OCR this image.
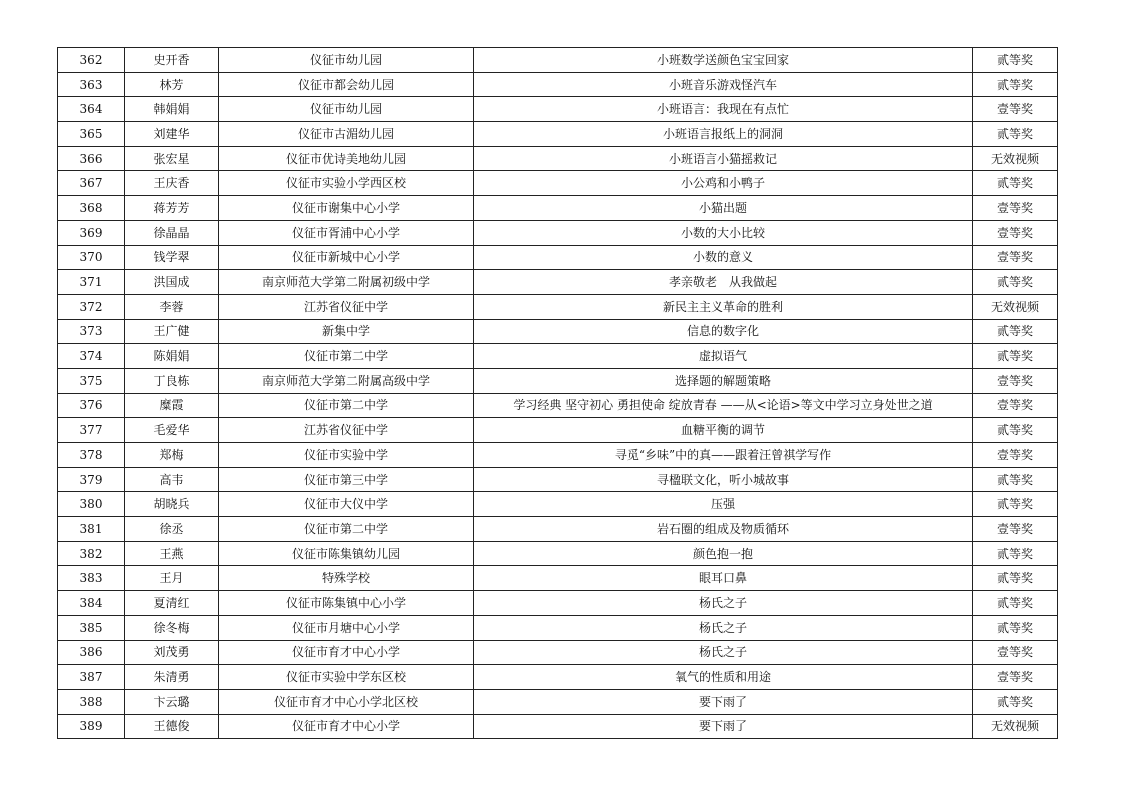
362	史开香	仪征市幼儿园	小班数学送颜色宝宝回家	贰等奖
363	林芳	仪征市都会幼儿园	小班音乐游戏怪汽车	贰等奖
364	韩娟娟	仪征市幼儿园	小班语言：我现在有点忙	壹等奖
365	刘建华	仪征市古湄幼儿园	小班语言报纸上的洞洞	贰等奖
366	张宏星	仪征市优诗美地幼儿园	小班语言小猫摇救记	无效视频
367	王庆香	仪征市实验小学西区校	小公鸡和小鸭子	贰等奖
368	蒋芳芳	仪征市谢集中心小学	小猫出题	壹等奖
369	徐晶晶	仪征市胥浦中心小学	小数的大小比较	壹等奖
370	钱学翠	仪征市新城中心小学	小数的意义	壹等奖
371	洪国成	南京师范大学第二附属初级中学	孝亲敬老　从我做起	贰等奖
372	李蓉	江苏省仪征中学	新民主主义革命的胜利	无效视频
373	王广健	新集中学	信息的数字化	贰等奖
374	陈娟娟	仪征市第二中学	虚拟语气	贰等奖
375	丁良栋	南京师范大学第二附属高级中学	选择题的解题策略	壹等奖
376	糜霞	仪征市第二中学	学习经典 坚守初心 勇担使命 绽放青春 ——从<论语>等文中学习立身处世之道	壹等奖
377	毛爱华	江苏省仪征中学	血糖平衡的调节	贰等奖
378	郑梅	仪征市实验中学	寻觅“乡味”中的真——跟着汪曾祺学写作	壹等奖
379	高韦	仪征市第三中学	寻楹联文化，听小城故事	贰等奖
380	胡晓兵	仪征市大仪中学	压强	贰等奖
381	徐丞	仪征市第二中学	岩石圈的组成及物质循环	壹等奖
382	王燕	仪征市陈集镇幼儿园	颜色抱一抱	贰等奖
383	王月	特殊学校	眼耳口鼻	贰等奖
384	夏清红	仪征市陈集镇中心小学	杨氏之子	贰等奖
385	徐冬梅	仪征市月塘中心小学	杨氏之子	贰等奖
386	刘茂勇	仪征市育才中心小学	杨氏之子	壹等奖
387	朱清勇	仪征市实验中学东区校	氧气的性质和用途	壹等奖
388	卞云璐	仪征市育才中心小学北区校	要下雨了	贰等奖
389	王德俊	仪征市育才中心小学	要下雨了	无效视频
